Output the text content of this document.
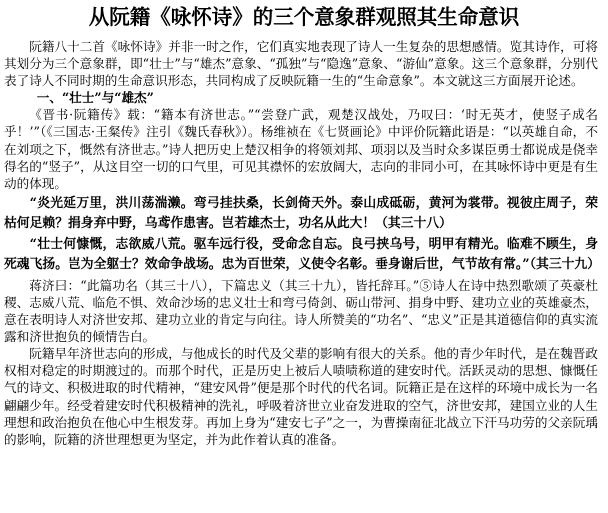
从阮籍《咏怀诗》的三个意象群观照其生命意识

阮籍八十二首《咏怀诗》并非一时之作，它们真实地表现了诗人一生复杂的思想感情。览其诗作，可将其划分为三个意象群，即“壮士”与“雄杰”意象、“孤独”与“隐逸”意象、“游仙”意象。这三个意象群，分别代表了诗人不同时期的生命意识形态，共同构成了反映阮籍一生的“生命意象”。本文就这三方面展开论述。

一、“壮士”与“雄杰”

《晋书·阮籍传》载：“籍本有济世志。”“尝登广武，观楚汉战处，乃叹曰：‘时无英才，使竖子成名乎！’”（《三国志·王粲传》注引《魏氏春秋》）。杨维祯在《七贤画论》中评价阮籍此语是：“以英雄自命，不在刘项之下，慨然有济世志。”诗人把历史上楚汉相争的将领刘邦、项羽以及当时众多谋臣勇士都说成是侥幸得名的“竖子”，从这目空一切的口气里，可见其襟怀的宏放阔大，志向的非同小可，在其咏怀诗中更是有生动的体现。

“炎光延万里，洪川荡湍濑。弯弓挂扶桑，长剑倚天外。泰山成砥砺，黄河为裳带。视彼庄周子，荣枯何足赖？捐身弃中野，乌鸢作患害。岂若雄杰士，功名从此大！（其三十八）

“壮士何慷慨，志欲威八荒。驱车远行役，受命念自忘。良弓挟乌号，明甲有精光。临难不顾生，身死魂飞扬。岂为全躯士？效命争战场。忠为百世荣，义使令名彰。垂身谢后世，气节故有常。”（其三十九）

蒋济曰：“此篇功名（其三十八），下篇忠义（其三十九），皆托辞耳。”⑤诗人在诗中热烈歌颂了英豪杜稷、志威八荒、临危不惧、效命沙场的忠义壮士和弯弓倚剑、砺山带河、捐身中野、建功立业的英雄豪杰，意在表明诗人对济世安邦、建功立业的肯定与向往。诗人所赞美的“功名”、“忠义”正是其道德信仰的真实流露和济世抱负的倾情告白。

阮籍早年济世志向的形成，与他成长的时代及父辈的影响有很大的关系。他的青少年时代，是在魏晋政权相对稳定的时期渡过的。而那个时代，正是历史上被后人啧啧称道的建安时代。活跃灵动的思想、慷慨任气的诗文、积极进取的时代精神，“建安风骨”便是那个时代的代名词。阮籍正是在这样的环境中成长为一名翩翩少年。经受着建安时代积极精神的洗礼，呼吸着济世立业奋发进取的空气，济世安邦，建国立业的人生理想和政治抱负在他心中生根发芽。再加上身为“建安七子”之一，为曹操南征北战立下汗马功劳的父亲阮瑀的影响，阮籍的济世理想更为坚定，并为此作着认真的准备。
